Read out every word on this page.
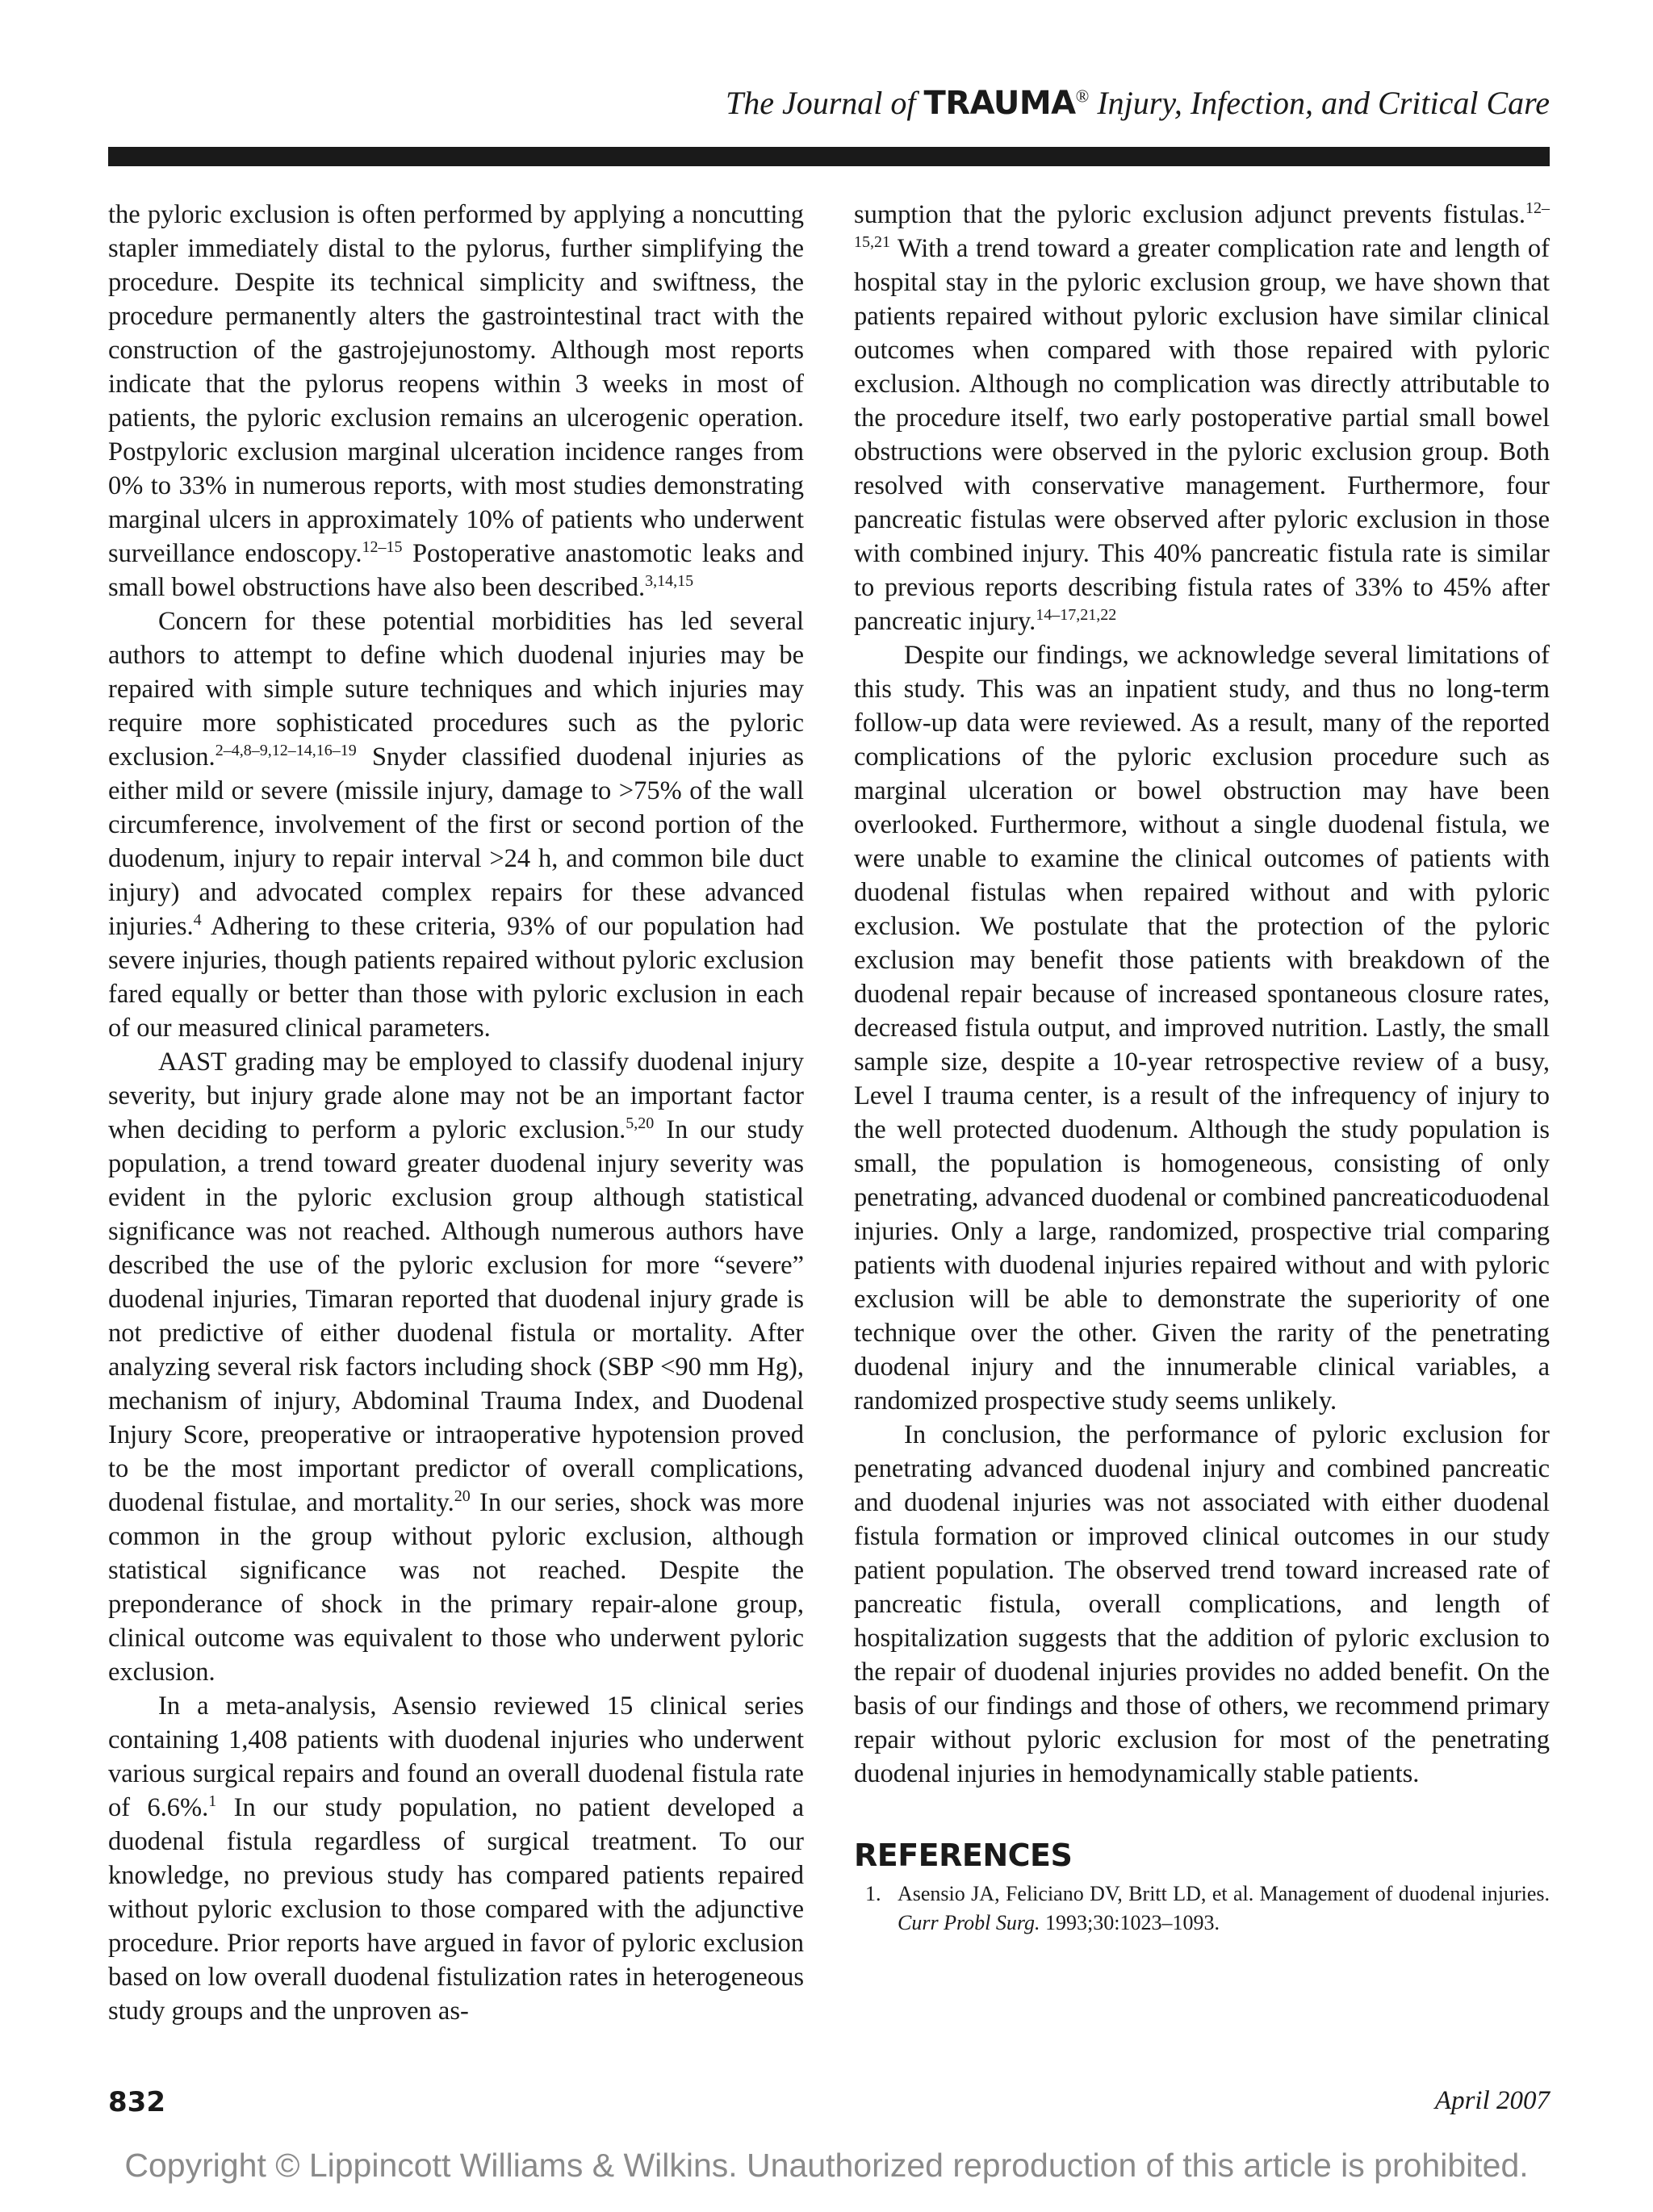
The Journal of TRAUMA® Injury, Infection, and Critical Care

the pyloric exclusion is often performed by applying a noncutting stapler immediately distal to the pylorus, further simplifying the procedure. Despite its technical simplicity and swiftness, the procedure permanently alters the gastrointestinal tract with the construction of the gastrojejunostomy. Although most reports indicate that the pylorus reopens within 3 weeks in most of patients, the pyloric exclusion remains an ulcerogenic operation. Postpyloric exclusion marginal ulceration incidence ranges from 0% to 33% in numerous reports, with most studies demonstrating marginal ulcers in approximately 10% of patients who underwent surveillance endoscopy.$^{12-15}$ Postoperative anastomotic leaks and small bowel obstructions have also been described.$^{3,14,15}$

Concern for these potential morbidities has led several authors to attempt to define which duodenal injuries may be repaired with simple suture techniques and which injuries may require more sophisticated procedures such as the pyloric exclusion.$^{2-4,8-9,12-14,16-19}$ Snyder classified duodenal injuries as either mild or severe (missile injury, damage to >75% of the wall circumference, involvement of the first or second portion of the duodenum, injury to repair interval >24 h, and common bile duct injury) and advocated complex repairs for these advanced injuries.$^4$ Adhering to these criteria, 93% of our population had severe injuries, though patients repaired without pyloric exclusion fared equally or better than those with pyloric exclusion in each of our measured clinical parameters.

AAST grading may be employed to classify duodenal injury severity, but injury grade alone may not be an important factor when deciding to perform a pyloric exclusion.$^{5,20}$ In our study population, a trend toward greater duodenal injury severity was evident in the pyloric exclusion group although statistical significance was not reached. Although numerous authors have described the use of the pyloric exclusion for more “severe” duodenal injuries, Timaran reported that duodenal injury grade is not predictive of either duodenal fistula or mortality. After analyzing several risk factors including shock (SBP <90 mm Hg), mechanism of injury, Abdominal Trauma Index, and Duodenal Injury Score, preoperative or intraoperative hypotension proved to be the most important predictor of overall complications, duodenal fistulae, and mortality.$^{20}$ In our series, shock was more common in the group without pyloric exclusion, although statistical significance was not reached. Despite the preponderance of shock in the primary repair-alone group, clinical outcome was equivalent to those who underwent pyloric exclusion.

In a meta-analysis, Asensio reviewed 15 clinical series containing 1,408 patients with duodenal injuries who underwent various surgical repairs and found an overall duodenal fistula rate of 6.6%.$^1$ In our study population, no patient developed a duodenal fistula regardless of surgical treatment. To our knowledge, no previous study has compared patients repaired without pyloric exclusion to those compared with the adjunctive procedure. Prior reports have argued in favor of pyloric exclusion based on low overall duodenal fistulization rates in heterogeneous study groups and the unproven as-

sumption that the pyloric exclusion adjunct prevents fistulas.$^{12-15,21}$ With a trend toward a greater complication rate and length of hospital stay in the pyloric exclusion group, we have shown that patients repaired without pyloric exclusion have similar clinical outcomes when compared with those repaired with pyloric exclusion. Although no complication was directly attributable to the procedure itself, two early postoperative partial small bowel obstructions were observed in the pyloric exclusion group. Both resolved with conservative management. Furthermore, four pancreatic fistulas were observed after pyloric exclusion in those with combined injury. This 40% pancreatic fistula rate is similar to previous reports describing fistula rates of 33% to 45% after pancreatic injury.$^{14-17,21,22}$

Despite our findings, we acknowledge several limitations of this study. This was an inpatient study, and thus no long-term follow-up data were reviewed. As a result, many of the reported complications of the pyloric exclusion procedure such as marginal ulceration or bowel obstruction may have been overlooked. Furthermore, without a single duodenal fistula, we were unable to examine the clinical outcomes of patients with duodenal fistulas when repaired without and with pyloric exclusion. We postulate that the protection of the pyloric exclusion may benefit those patients with breakdown of the duodenal repair because of increased spontaneous closure rates, decreased fistula output, and improved nutrition. Lastly, the small sample size, despite a 10-year retrospective review of a busy, Level I trauma center, is a result of the infrequency of injury to the well protected duodenum. Although the study population is small, the population is homogeneous, consisting of only penetrating, advanced duodenal or combined pancreaticoduodenal injuries. Only a large, randomized, prospective trial comparing patients with duodenal injuries repaired without and with pyloric exclusion will be able to demonstrate the superiority of one technique over the other. Given the rarity of the penetrating duodenal injury and the innumerable clinical variables, a randomized prospective study seems unlikely.

In conclusion, the performance of pyloric exclusion for penetrating advanced duodenal injury and combined pancreatic and duodenal injuries was not associated with either duodenal fistula formation or improved clinical outcomes in our study patient population. The observed trend toward increased rate of pancreatic fistula, overall complications, and length of hospitalization suggests that the addition of pyloric exclusion to the repair of duodenal injuries provides no added benefit. On the basis of our findings and those of others, we recommend primary repair without pyloric exclusion for most of the penetrating duodenal injuries in hemodynamically stable patients.

REFERENCES
1. Asensio JA, Feliciano DV, Britt LD, et al. Management of duodenal injuries. Curr Probl Surg. 1993;30:1023–1093.
832	April 2007
Copyright © Lippincott Williams & Wilkins. Unauthorized reproduction of this article is prohibited.
